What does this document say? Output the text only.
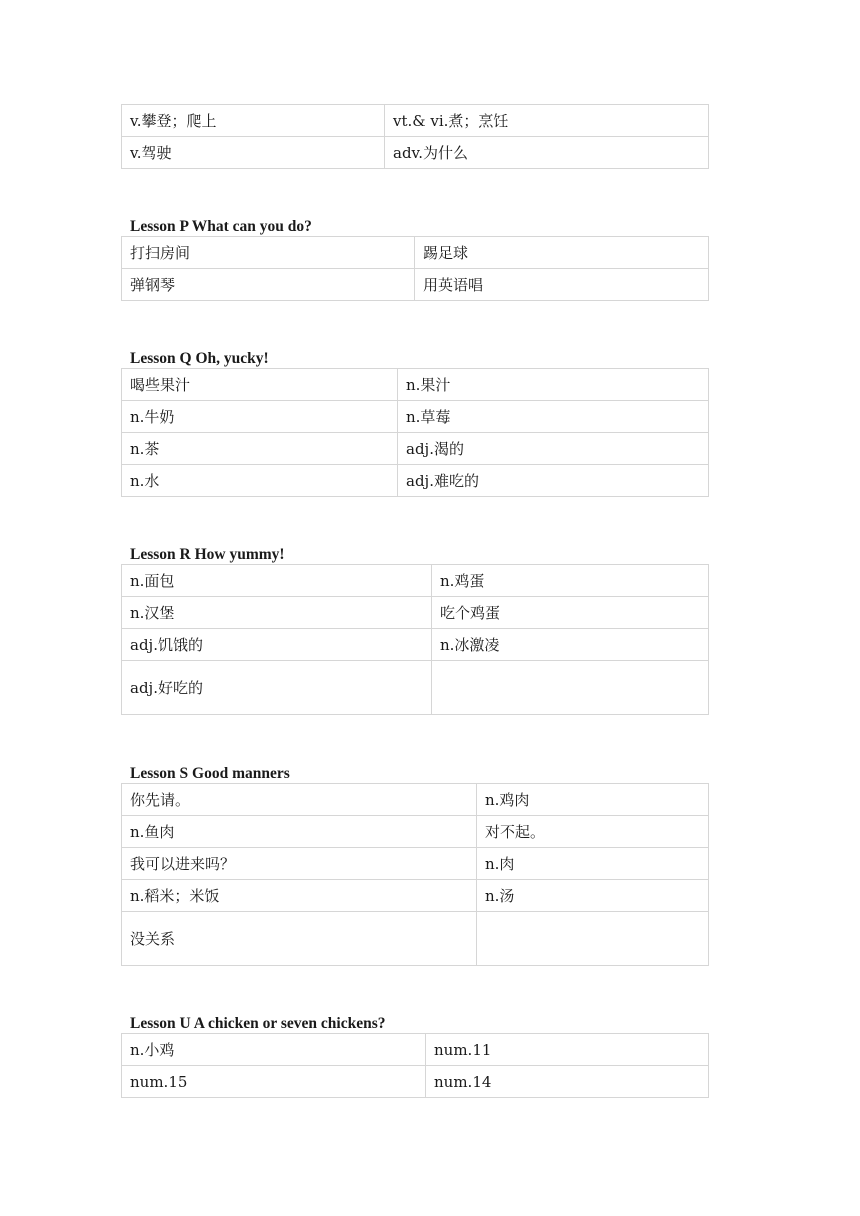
v.攀登；爬上	vt.& vi.煮；烹饪
v.驾驶	adv.为什么
Lesson P What can you do?
打扫房间	踢足球
弹钢琴	用英语唱
Lesson Q Oh, yucky!
喝些果汁	n.果汁
n.牛奶	n.草莓
n.茶	adj.渴的
n.水	adj.难吃的
Lesson R How yummy!
n.面包	n.鸡蛋
n.汉堡	吃个鸡蛋
adj.饥饿的	n.冰激凌
adj.好吃的	
Lesson S Good manners
你先请。	n.鸡肉
n.鱼肉	对不起。
我可以进来吗？	n.肉
n.稻米；米饭	n.汤
没关系	
Lesson U A chicken or seven chickens?
n.小鸡	num.11
num.15	num.14
